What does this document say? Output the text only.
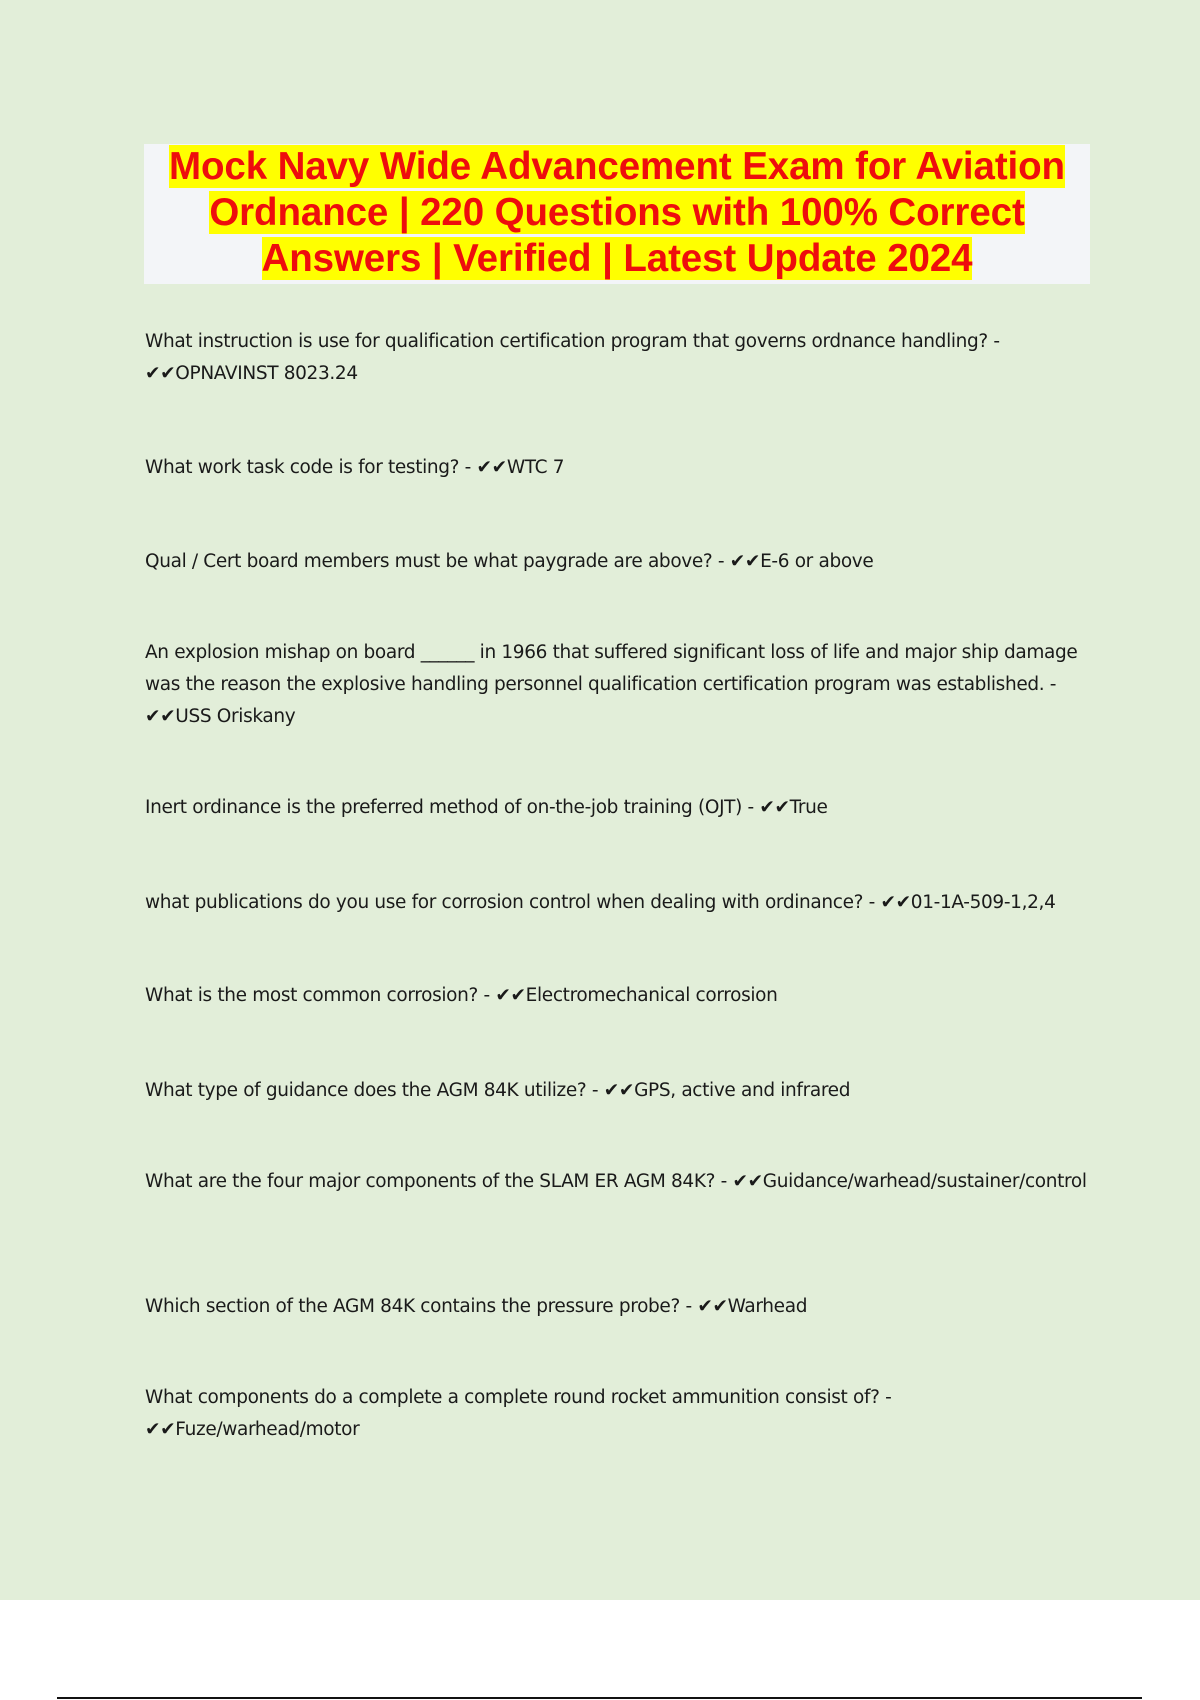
Mock Navy Wide Advancement Exam for Aviation Ordnance | 220 Questions with 100% Correct Answers | Verified | Latest Update 2024

What instruction is use for qualification certification program that governs ordnance handling? - ✔✔OPNAVINST 8023.24

What work task code is for testing? - ✔✔WTC 7

Qual / Cert board members must be what paygrade are above? - ✔✔E-6 or above

An explosion mishap on board ______ in 1966 that suffered significant loss of life and major ship damage was the reason the explosive handling personnel qualification certification program was established. - ✔✔USS Oriskany

Inert ordinance is the preferred method of on-the-job training (OJT) - ✔✔True

what publications do you use for corrosion control when dealing with ordinance? - ✔✔01-1A-509-1,2,4

What is the most common corrosion? - ✔✔Electromechanical corrosion

What type of guidance does the AGM 84K utilize? - ✔✔GPS, active and infrared

What are the four major components of the SLAM ER AGM 84K? - ✔✔Guidance/warhead/sustainer/control

Which section of the AGM 84K contains the pressure probe? - ✔✔Warhead

What components do a complete a complete round rocket ammunition consist of? - ✔✔Fuze/warhead/motor
